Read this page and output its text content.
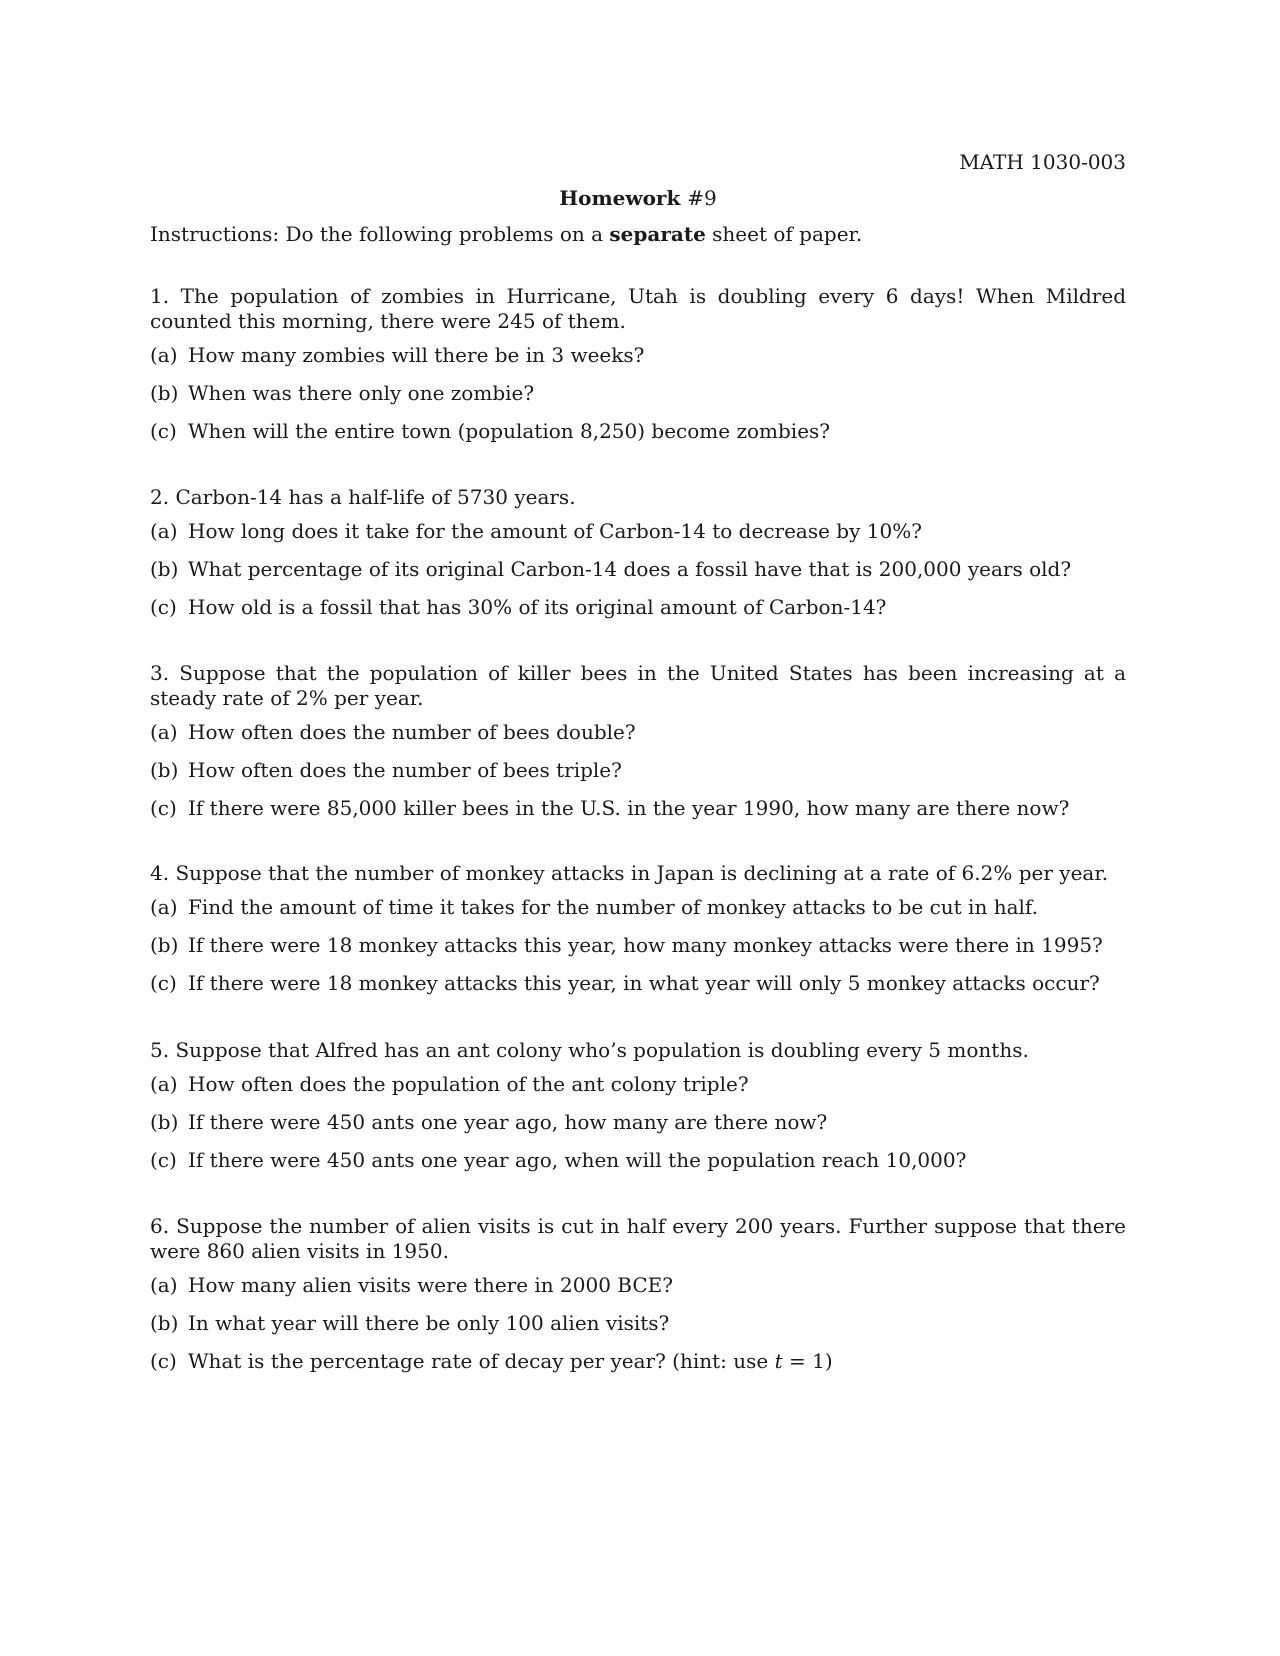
MATH 1030-003
Homework #9
Instructions: Do the following problems on a separate sheet of paper.
1. The population of zombies in Hurricane, Utah is doubling every 6 days! When Mildred counted this morning, there were 245 of them.
(a) How many zombies will there be in 3 weeks?
(b) When was there only one zombie?
(c) When will the entire town (population 8,250) become zombies?
2. Carbon-14 has a half-life of 5730 years.
(a) How long does it take for the amount of Carbon-14 to decrease by 10%?
(b) What percentage of its original Carbon-14 does a fossil have that is 200,000 years old?
(c) How old is a fossil that has 30% of its original amount of Carbon-14?
3. Suppose that the population of killer bees in the United States has been increasing at a steady rate of 2% per year.
(a) How often does the number of bees double?
(b) How often does the number of bees triple?
(c) If there were 85,000 killer bees in the U.S. in the year 1990, how many are there now?
4. Suppose that the number of monkey attacks in Japan is declining at a rate of 6.2% per year.
(a) Find the amount of time it takes for the number of monkey attacks to be cut in half.
(b) If there were 18 monkey attacks this year, how many monkey attacks were there in 1995?
(c) If there were 18 monkey attacks this year, in what year will only 5 monkey attacks occur?
5. Suppose that Alfred has an ant colony who’s population is doubling every 5 months.
(a) How often does the population of the ant colony triple?
(b) If there were 450 ants one year ago, how many are there now?
(c) If there were 450 ants one year ago, when will the population reach 10,000?
6. Suppose the number of alien visits is cut in half every 200 years. Further suppose that there were 860 alien visits in 1950.
(a) How many alien visits were there in 2000 BCE?
(b) In what year will there be only 100 alien visits?
(c) What is the percentage rate of decay per year? (hint: use t = 1)
